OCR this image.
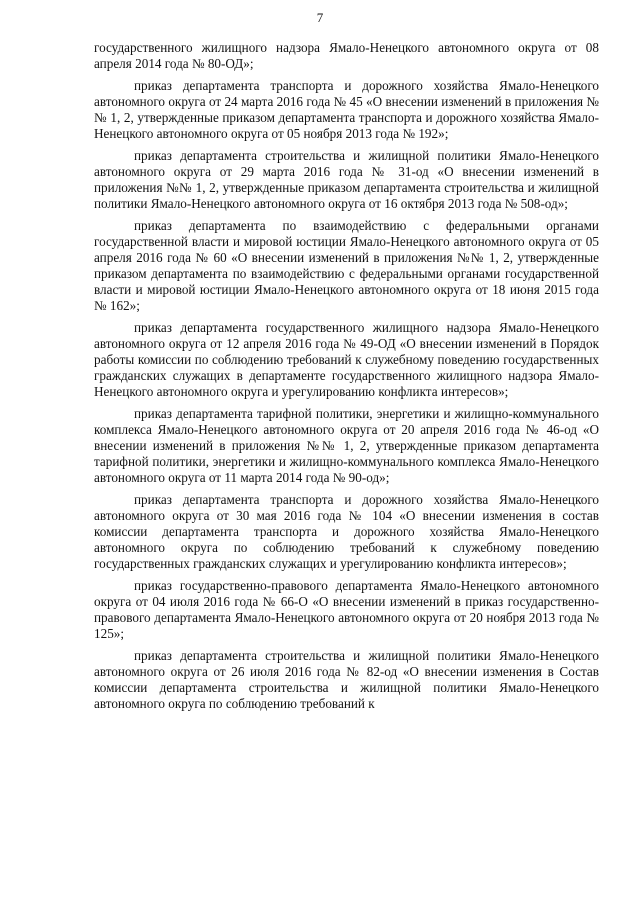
7

государственного жилищного надзора Ямало-Ненецкого автономного округа от 08 апреля 2014 года № 80-ОД»;

приказ департамента транспорта и дорожного хозяйства Ямало-Ненецкого автономного округа от 24 марта 2016 года № 45 «О внесении изменений в приложения №№ 1, 2, утвержденные приказом департамента транспорта и дорожного хозяйства Ямало-Ненецкого автономного округа от 05 ноября 2013 года № 192»;

приказ департамента строительства и жилищной политики Ямало-Ненецкого автономного округа от 29 марта 2016 года № 31-од «О внесении изменений в приложения №№ 1, 2, утвержденные приказом департамента строительства и жилищной политики Ямало-Ненецкого автономного округа от 16 октября 2013 года № 508-од»;

приказ департамента по взаимодействию с федеральными органами государственной власти и мировой юстиции Ямало-Ненецкого автономного округа от 05 апреля 2016 года № 60 «О внесении изменений в приложения №№ 1, 2, утвержденные приказом департамента по взаимодействию с федеральными органами государственной власти и мировой юстиции Ямало-Ненецкого автономного округа от 18 июня 2015 года № 162»;

приказ департамента государственного жилищного надзора Ямало-Ненецкого автономного округа от 12 апреля 2016 года № 49-ОД «О внесении изменений в Порядок работы комиссии по соблюдению требований к служебному поведению государственных гражданских служащих в департаменте государственного жилищного надзора Ямало-Ненецкого автономного округа и урегулированию конфликта интересов»;

приказ департамента тарифной политики, энергетики и жилищно-коммунального комплекса Ямало-Ненецкого автономного округа от 20 апреля 2016 года № 46-од «О внесении изменений в приложения №№ 1, 2, утвержденные приказом департамента тарифной политики, энергетики и жилищно-коммунального комплекса Ямало-Ненецкого автономного округа от 11 марта 2014 года № 90-од»;

приказ департамента транспорта и дорожного хозяйства Ямало-Ненецкого автономного округа от 30 мая 2016 года № 104 «О внесении изменения в состав комиссии департамента транспорта и дорожного хозяйства Ямало-Ненецкого автономного округа по соблюдению требований к служебному поведению государственных гражданских служащих и урегулированию конфликта интересов»;

приказ государственно-правового департамента Ямало-Ненецкого автономного округа от 04 июля 2016 года № 66-О «О внесении изменений в приказ государственно-правового департамента Ямало-Ненецкого автономного округа от 20 ноября 2013 года № 125»;

приказ департамента строительства и жилищной политики Ямало-Ненецкого автономного округа от 26 июля 2016 года № 82-од «О внесении изменения в Состав комиссии департамента строительства и жилищной политики Ямало-Ненецкого автономного округа по соблюдению требований к
